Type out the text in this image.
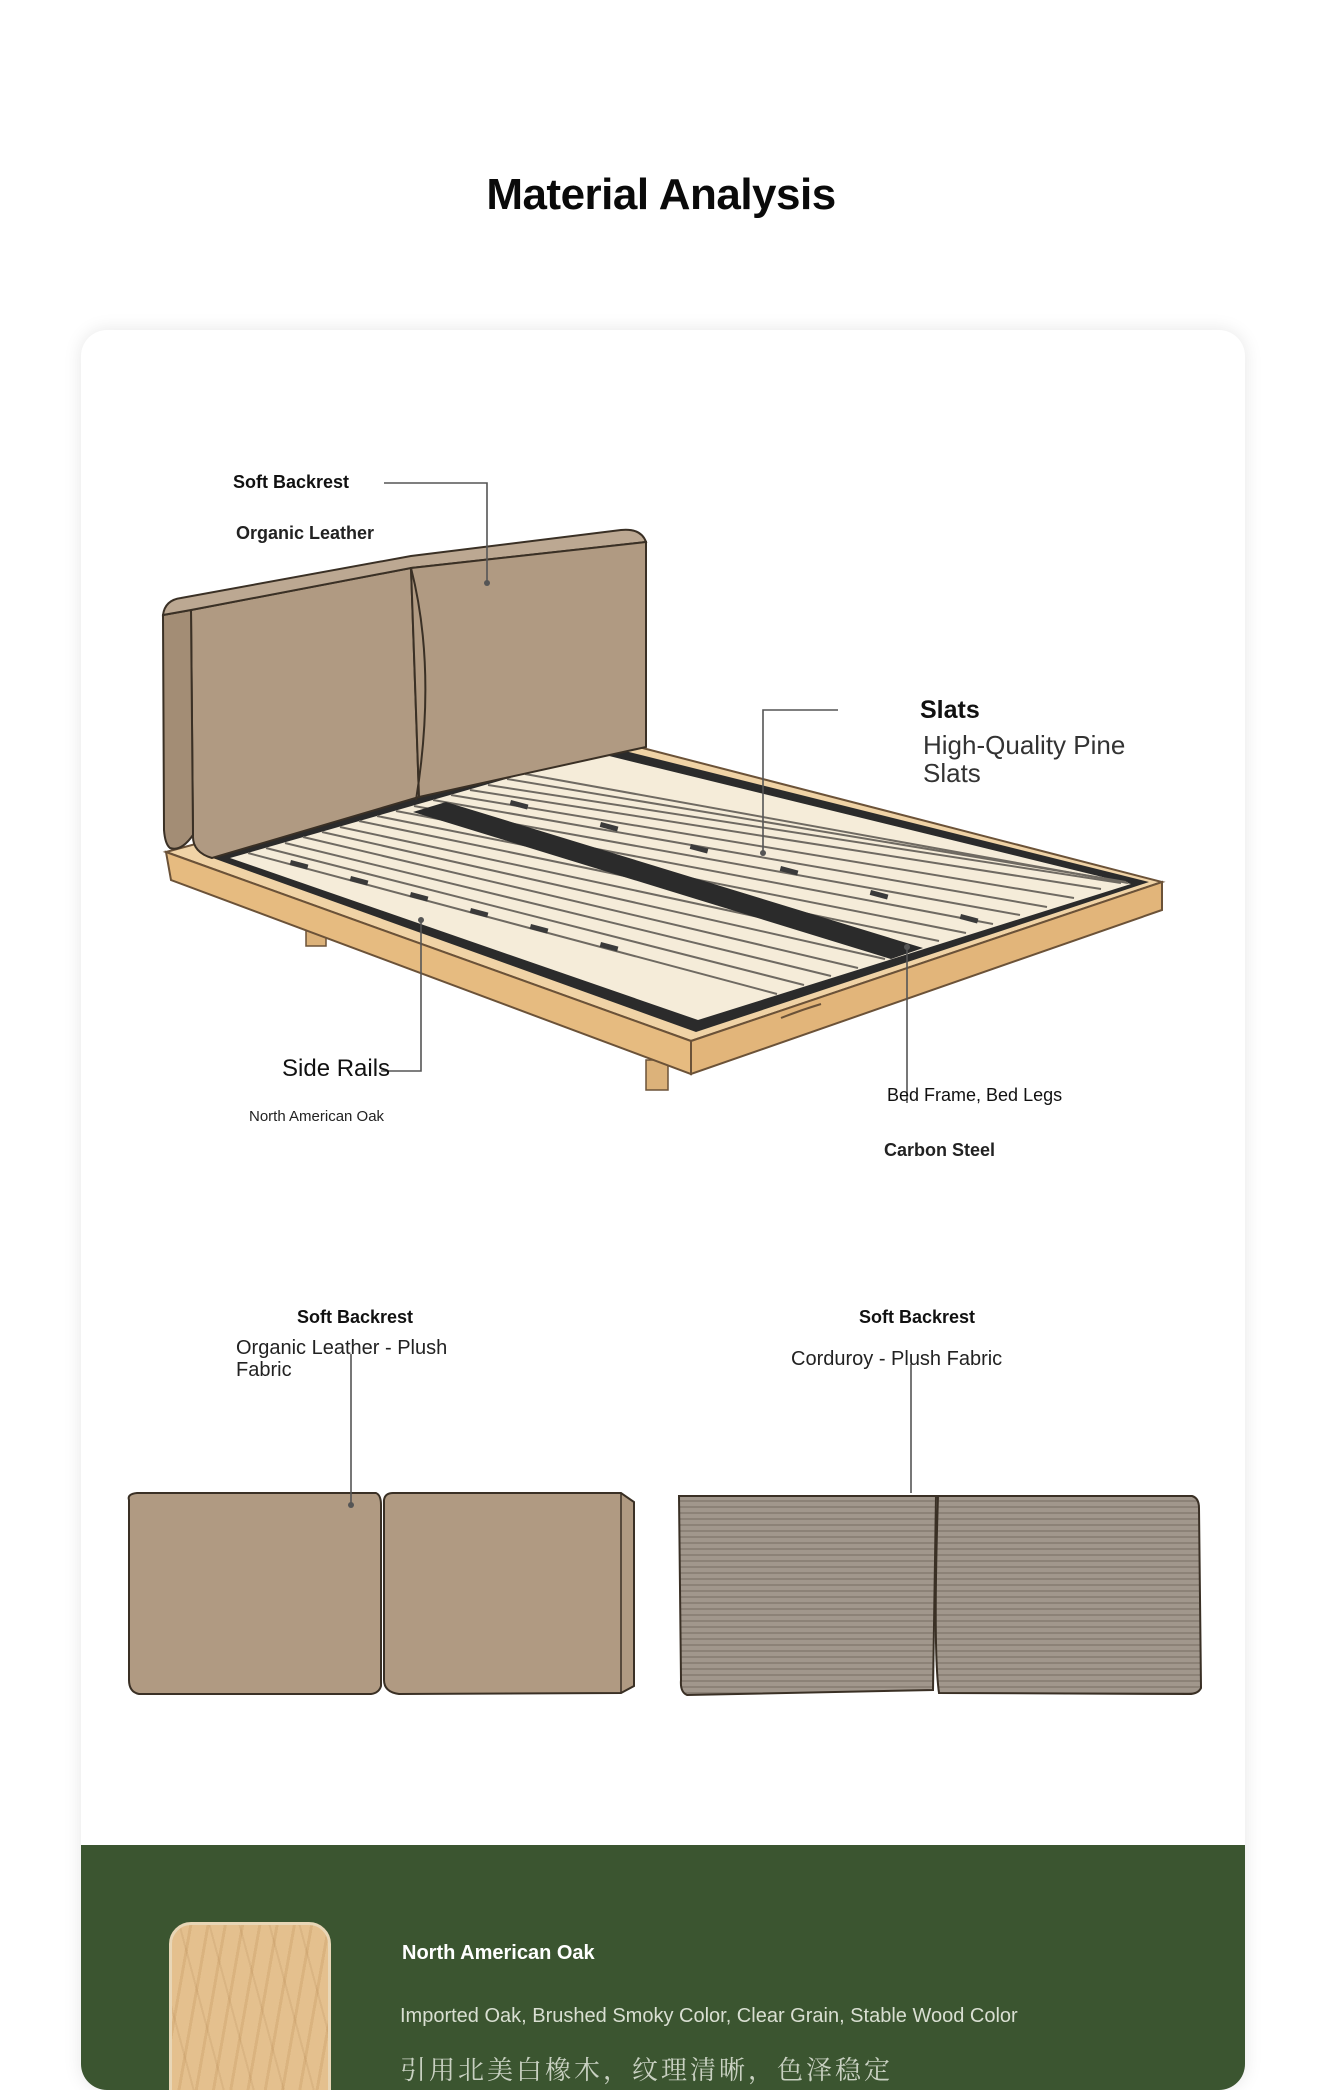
Material Analysis
Soft Backrest
Organic Leather
Slats
High-Quality Pine
Slats
Side Rails
North American Oak
Bed Frame, Bed Legs
Carbon Steel
Soft Backrest
Organic Leather - Plush
Fabric
Soft Backrest
Corduroy - Plush Fabric
North American Oak
Imported Oak, Brushed Smoky Color, Clear Grain, Stable Wood Color
引用北美白橡木，纹理清晰，色泽稳定
